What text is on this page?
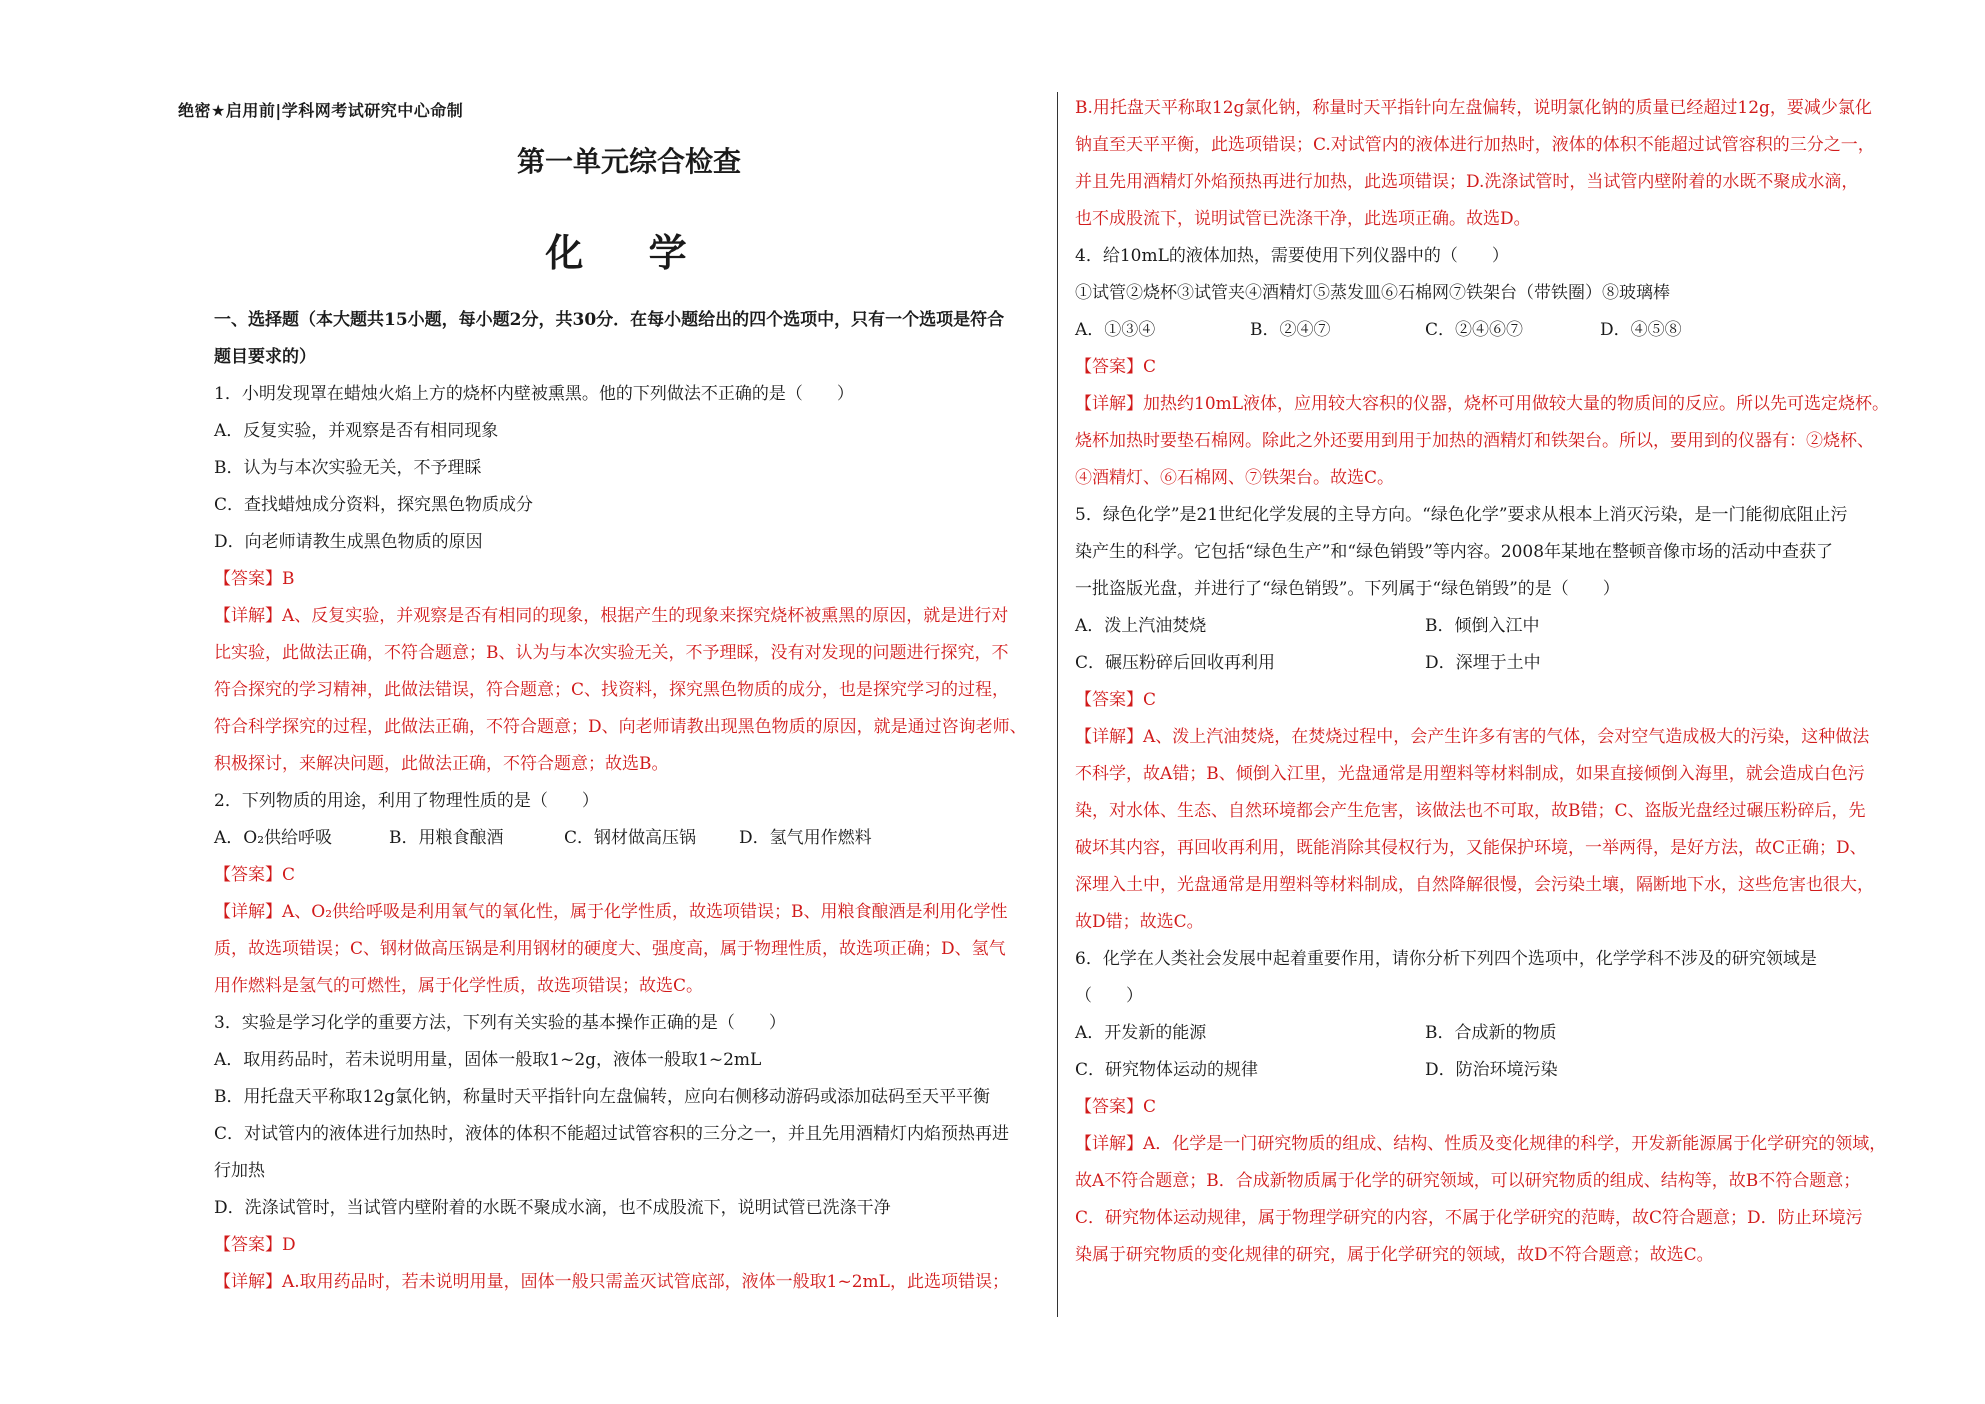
绝密★启用前|学科网考试研究中心命制
第一单元综合检查
化 学
一、选择题（本大题共15小题，每小题2分，共30分．在每小题给出的四个选项中，只有一个选项是符合
题目要求的）
1．小明发现罩在蜡烛火焰上方的烧杯内壁被熏黑。他的下列做法不正确的是（　　）
A．反复实验，并观察是否有相同现象
B．认为与本次实验无关，不予理睬
C．查找蜡烛成分资料，探究黑色物质成分
D．向老师请教生成黑色物质的原因
【答案】B
【详解】A、反复实验，并观察是否有相同的现象，根据产生的现象来探究烧杯被熏黑的原因，就是进行对
比实验，此做法正确，不符合题意；B、认为与本次实验无关，不予理睬，没有对发现的问题进行探究，不
符合探究的学习精神，此做法错误，符合题意；C、找资料，探究黑色物质的成分，也是探究学习的过程，
符合科学探究的过程，此做法正确，不符合题意；D、向老师请教出现黑色物质的原因，就是通过咨询老师、
积极探讨，来解决问题，此做法正确，不符合题意；故选B。
2．下列物质的用途，利用了物理性质的是（　　）
A．O₂供给呼吸	B．用粮食酿酒	C．钢材做高压锅	D．氢气用作燃料
【答案】C
【详解】A、O₂供给呼吸是利用氧气的氧化性，属于化学性质，故选项错误；B、用粮食酿酒是利用化学性
质，故选项错误；C、钢材做高压锅是利用钢材的硬度大、强度高，属于物理性质，故选项正确；D、氢气
用作燃料是氢气的可燃性，属于化学性质，故选项错误；故选C。
3．实验是学习化学的重要方法，下列有关实验的基本操作正确的是（　　）
A．取用药品时，若未说明用量，固体一般取1~2g，液体一般取1~2mL
B．用托盘天平称取12g氯化钠，称量时天平指针向左盘偏转，应向右侧移动游码或添加砝码至天平平衡
C．对试管内的液体进行加热时，液体的体积不能超过试管容积的三分之一，并且先用酒精灯内焰预热再进
行加热
D．洗涤试管时，当试管内壁附着的水既不聚成水滴，也不成股流下，说明试管已洗涤干净
【答案】D
【详解】A.取用药品时，若未说明用量，固体一般只需盖灭试管底部，液体一般取1~2mL，此选项错误；
B.用托盘天平称取12g氯化钠，称量时天平指针向左盘偏转，说明氯化钠的质量已经超过12g，要减少氯化
钠直至天平平衡，此选项错误；C.对试管内的液体进行加热时，液体的体积不能超过试管容积的三分之一，
并且先用酒精灯外焰预热再进行加热，此选项错误；D.洗涤试管时，当试管内壁附着的水既不聚成水滴，
也不成股流下，说明试管已洗涤干净，此选项正确。故选D。
4．给10mL的液体加热，需要使用下列仪器中的（　　）
①试管②烧杯③试管夹④酒精灯⑤蒸发皿⑥石棉网⑦铁架台（带铁圈）⑧玻璃棒
A．①③④	B．②④⑦	C．②④⑥⑦	D．④⑤⑧
【答案】C
【详解】加热约10mL液体，应用较大容积的仪器，烧杯可用做较大量的物质间的反应。所以先可选定烧杯。
烧杯加热时要垫石棉网。除此之外还要用到用于加热的酒精灯和铁架台。所以，要用到的仪器有：②烧杯、
④酒精灯、⑥石棉网、⑦铁架台。故选C。
5．绿色化学”是21世纪化学发展的主导方向。“绿色化学”要求从根本上消灭污染，是一门能彻底阻止污
染产生的科学。它包括“绿色生产”和“绿色销毁”等内容。2008年某地在整顿音像市场的活动中查获了
一批盗版光盘，并进行了“绿色销毁”。下列属于“绿色销毁”的是（　　）
A．泼上汽油焚烧	B．倾倒入江中
C．碾压粉碎后回收再利用	D．深埋于土中
【答案】C
【详解】A、泼上汽油焚烧，在焚烧过程中，会产生许多有害的气体，会对空气造成极大的污染，这种做法
不科学，故A错；B、倾倒入江里，光盘通常是用塑料等材料制成，如果直接倾倒入海里，就会造成白色污
染，对水体、生态、自然环境都会产生危害，该做法也不可取，故B错；C、盗版光盘经过碾压粉碎后，先
破坏其内容，再回收再利用，既能消除其侵权行为，又能保护环境，一举两得，是好方法，故C正确；D、
深埋入土中，光盘通常是用塑料等材料制成，自然降解很慢，会污染土壤，隔断地下水，这些危害也很大，
故D错；故选C。
6．化学在人类社会发展中起着重要作用，请你分析下列四个选项中，化学学科不涉及的研究领域是
（　　）
A．开发新的能源	B．合成新的物质
C．研究物体运动的规律	D．防治环境污染
【答案】C
【详解】A．化学是一门研究物质的组成、结构、性质及变化规律的科学，开发新能源属于化学研究的领域，
故A不符合题意；B．合成新物质属于化学的研究领域，可以研究物质的组成、结构等，故B不符合题意；
C．研究物体运动规律，属于物理学研究的内容，不属于化学研究的范畴，故C符合题意；D．防止环境污
染属于研究物质的变化规律的研究，属于化学研究的领域，故D不符合题意；故选C。
